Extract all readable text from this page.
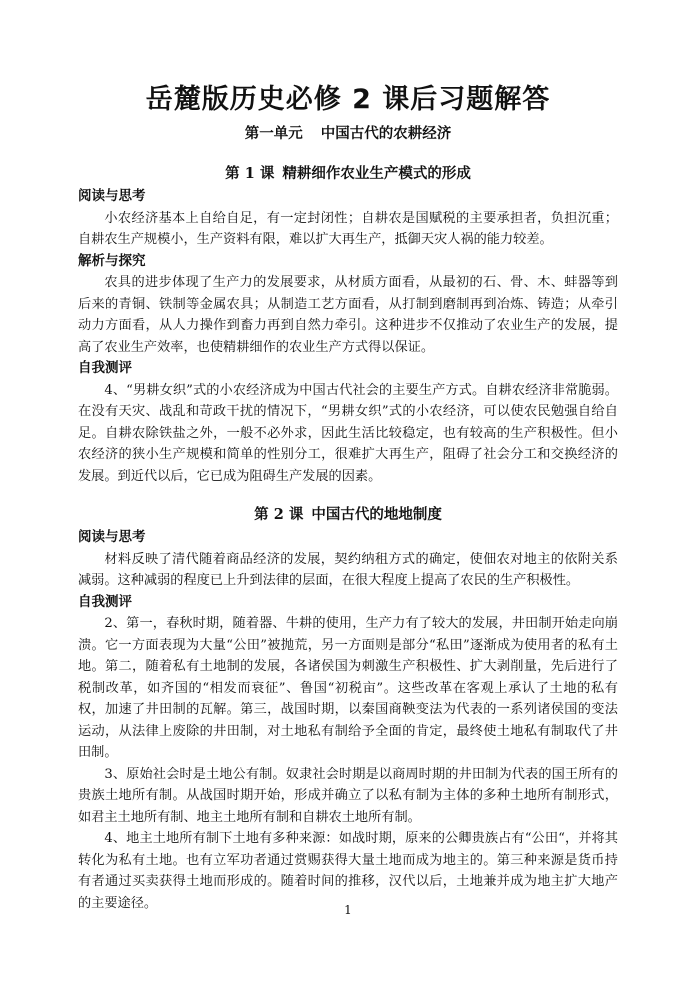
岳麓版历史必修 2 课后习题解答
第一单元 中国古代的农耕经济
第 1 课 精耕细作农业生产模式的形成
阅读与思考

小农经济基本上自给自足，有一定封闭性；自耕农是国赋税的主要承担者，负担沉重；自耕农生产规模小，生产资料有限，难以扩大再生产，抵御天灾人祸的能力较差。

解析与探究

农具的进步体现了生产力的发展要求，从材质方面看，从最初的石、骨、木、蚌器等到后来的青铜、铁制等金属农具；从制造工艺方面看，从打制到磨制再到冶炼、铸造；从牵引动力方面看，从人力操作到畜力再到自然力牵引。这种进步不仅推动了农业生产的发展，提高了农业生产效率，也使精耕细作的农业生产方式得以保证。

自我测评

4、“男耕女织”式的小农经济成为中国古代社会的主要生产方式。自耕农经济非常脆弱。在没有天灾、战乱和苛政干扰的情况下，“男耕女织”式的小农经济，可以使农民勉强自给自足。自耕农除铁盐之外，一般不必外求，因此生活比较稳定，也有较高的生产积极性。但小农经济的狭小生产规模和简单的性别分工，很难扩大再生产，阻碍了社会分工和交换经济的发展。到近代以后，它已成为阻碍生产发展的因素。

第 2 课 中国古代的地地制度
阅读与思考

材料反映了清代随着商品经济的发展，契约纳租方式的确定，使佃农对地主的依附关系减弱。这种减弱的程度已上升到法律的层面，在很大程度上提高了农民的生产积极性。

自我测评

2、第一，春秋时期，随着器、牛耕的使用，生产力有了较大的发展，井田制开始走向崩溃。它一方面表现为大量“公田”被抛荒，另一方面则是部分“私田”逐渐成为使用者的私有土地。第二，随着私有土地制的发展，各诸侯国为刺激生产积极性、扩大剥削量，先后进行了税制改革，如齐国的“相发而衰征”、鲁国“初税亩”。这些改革在客观上承认了土地的私有权，加速了井田制的瓦解。第三，战国时期，以秦国商鞅变法为代表的一系列诸侯国的变法运动，从法律上废除的井田制，对土地私有制给予全面的肯定，最终使土地私有制取代了井田制。

3、原始社会时是土地公有制。奴隶社会时期是以商周时期的井田制为代表的国王所有的贵族土地所有制。从战国时期开始，形成并确立了以私有制为主体的多种土地所有制形式，如君主土地所有制、地主土地所有制和自耕农土地所有制。

4、地主土地所有制下土地有多种来源：如战时期，原来的公卿贵族占有“公田“，并将其转化为私有土地。也有立军功者通过赏赐获得大量土地而成为地主的。第三种来源是货币持有者通过买卖获得土地而形成的。随着时间的推移，汉代以后，土地兼并成为地主扩大地产的主要途径。	1
